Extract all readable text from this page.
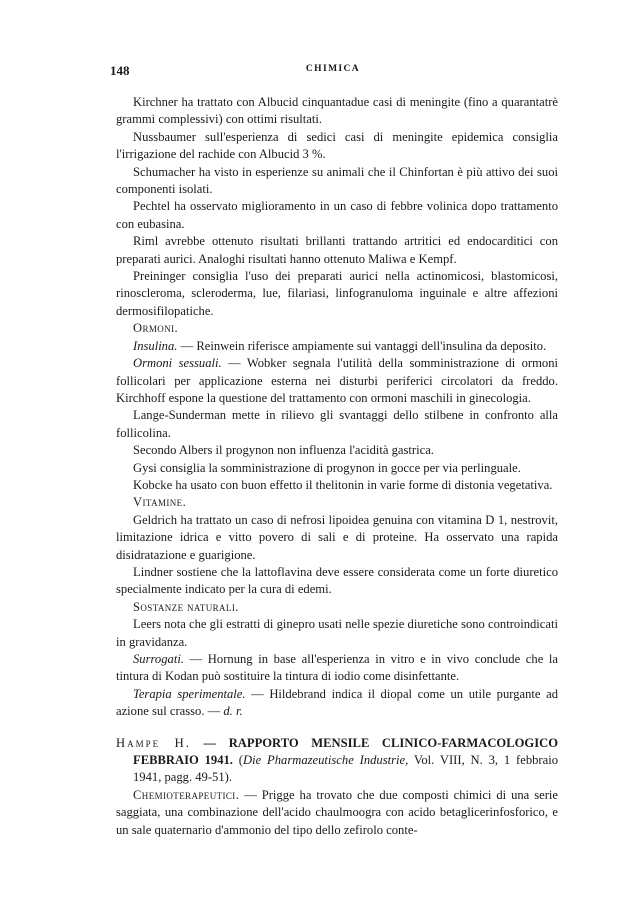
148	CHIMICA

Kirchner ha trattato con Albucid cinquantadue casi di meningite (fino a quarantatrè grammi complessivi) con ottimi risultati.

Nussbaumer sull'esperienza di sedici casi di meningite epidemica consiglia l'irrigazione del rachide con Albucid 3 %.

Schumacher ha visto in esperienze su animali che il Chinfortan è più attivo dei suoi componenti isolati.

Pechtel ha osservato miglioramento in un caso di febbre volinica dopo trattamento con eubasina.

Riml avrebbe ottenuto risultati brillanti trattando artritici ed endocarditici con preparati aurici. Analoghi risultati hanno ottenuto Maliwa e Kempf.

Preininger consiglia l'uso dei preparati aurici nella actinomicosi, blastomicosi, rinoscleroma, scleroderma, lue, filariasi, linfogranuloma inguinale e altre affezioni dermosifilopatiche.

Ormoni.

Insulina. — Reinwein riferisce ampiamente sui vantaggi dell'insulina da deposito.

Ormoni sessuali. — Wobker segnala l'utilità della somministrazione di ormoni follicolari per applicazione esterna nei disturbi periferici circolatori da freddo. Kirchhoff espone la questione del trattamento con ormoni maschili in ginecologia.

Lange-Sunderman mette in rilievo gli svantaggi dello stilbene in confronto alla follicolina.

Secondo Albers il progynon non influenza l'acidità gastrica.

Gysi consiglia la somministrazione di progynon in gocce per via perlinguale.

Kobcke ha usato con buon effetto il thelitonin in varie forme di distonia vegetativa.

Vitamine.

Geldrich ha trattato un caso di nefrosi lipoidea genuina con vitamina D 1, nestrovit, limitazione idrica e vitto povero di sali e di proteine. Ha osservato una rapida disidratazione e guarigione.

Lindner sostiene che la lattoflavina deve essere considerata come un forte diuretico specialmente indicato per la cura di edemi.

Sostanze naturali.

Leers nota che gli estratti di ginepro usati nelle spezie diuretiche sono controindicati in gravidanza.

Surrogati. — Hornung in base all'esperienza in vitro e in vivo conclude che la tintura di Kodan può sostituire la tintura di iodio come disinfettante.

Terapia sperimentale. — Hildebrand indica il diopal come un utile purgante ad azione sul crasso. — d. r.

Hampe H. — RAPPORTO MENSILE CLINICO-FARMACOLOGICO FEBBRAIO 1941. (Die Pharmazeutische Industrie, Vol. VIII, N. 3, 1 febbraio 1941, pagg. 49-51).

Chemioterapeutici. — Prigge ha trovato che due composti chimici di una serie saggiata, una combinazione dell'acido chaulmoogra con acido betaglicerinfosforico, e un sale quaternario d'ammonio del tipo dello zefirolo conte-
